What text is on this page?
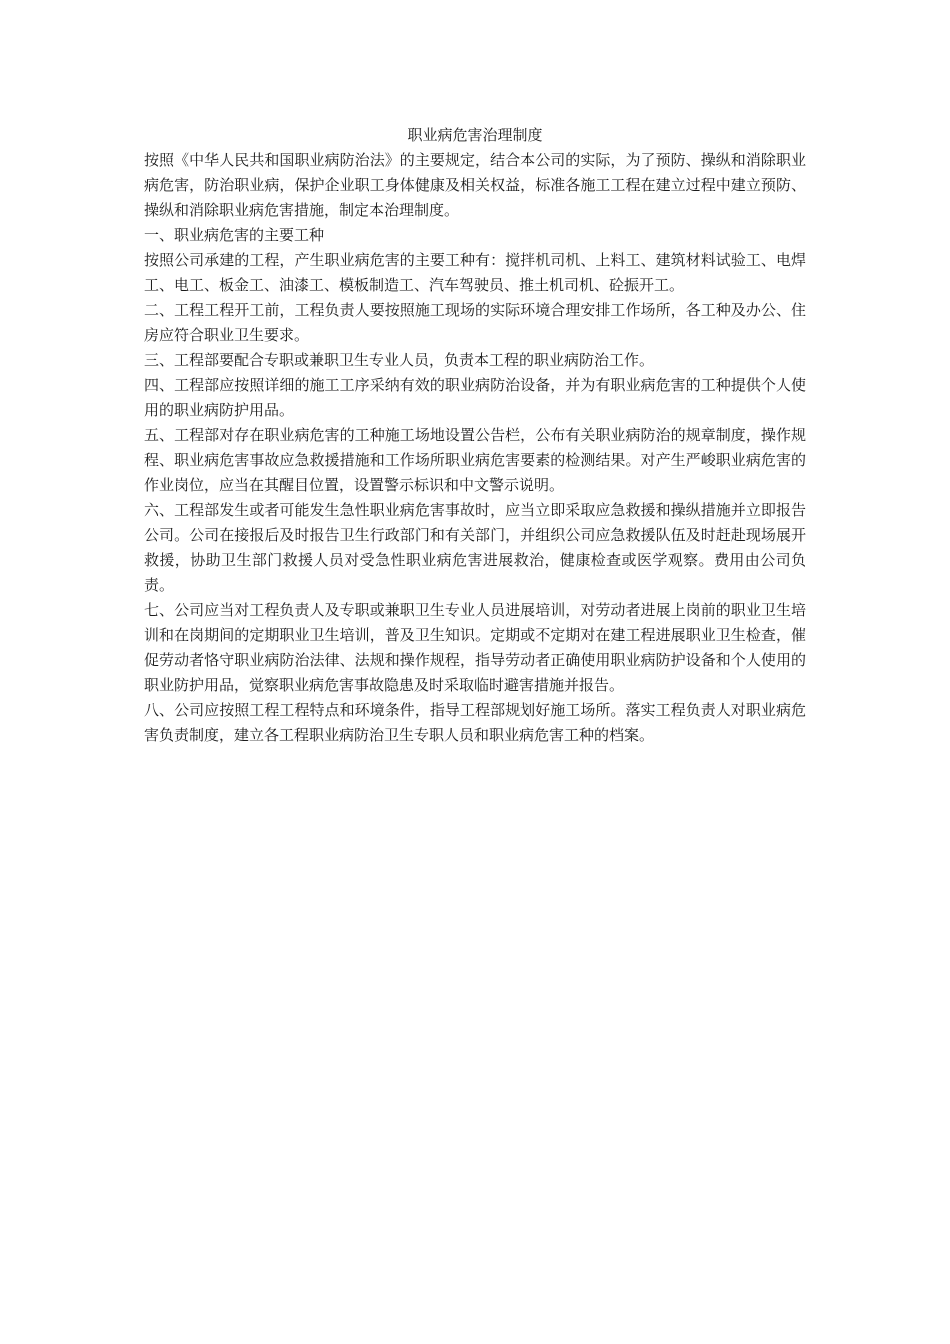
职业病危害治理制度

按照《中华人民共和国职业病防治法》的主要规定，结合本公司的实际，为了预防、操纵和消除职业病危害，防治职业病，保护企业职工身体健康及相关权益，标准各施工工程在建立过程中建立预防、操纵和消除职业病危害措施，制定本治理制度。

一、职业病危害的主要工种

按照公司承建的工程，产生职业病危害的主要工种有：搅拌机司机、上料工、建筑材料试验工、电焊工、电工、板金工、油漆工、模板制造工、汽车驾驶员、推土机司机、砼振开工。

二、工程工程开工前，工程负责人要按照施工现场的实际环境合理安排工作场所，各工种及办公、住房应符合职业卫生要求。

三、工程部要配合专职或兼职卫生专业人员，负责本工程的职业病防治工作。

四、工程部应按照详细的施工工序采纳有效的职业病防治设备，并为有职业病危害的工种提供个人使用的职业病防护用品。

五、工程部对存在职业病危害的工种施工场地设置公告栏，公布有关职业病防治的规章制度，操作规程、职业病危害事故应急救援措施和工作场所职业病危害要素的检测结果。对产生严峻职业病危害的作业岗位，应当在其醒目位置，设置警示标识和中文警示说明。

六、工程部发生或者可能发生急性职业病危害事故时，应当立即采取应急救援和操纵措施并立即报告公司。公司在接报后及时报告卫生行政部门和有关部门，并组织公司应急救援队伍及时赶赴现场展开救援，协助卫生部门救援人员对受急性职业病危害进展救治，健康检查或医学观察。费用由公司负责。

七、公司应当对工程负责人及专职或兼职卫生专业人员进展培训，对劳动者进展上岗前的职业卫生培训和在岗期间的定期职业卫生培训，普及卫生知识。定期或不定期对在建工程进展职业卫生检查，催促劳动者恪守职业病防治法律、法规和操作规程，指导劳动者正确使用职业病防护设备和个人使用的职业防护用品，觉察职业病危害事故隐患及时采取临时避害措施并报告。

八、公司应按照工程工程特点和环境条件，指导工程部规划好施工场所。落实工程负责人对职业病危害负责制度，建立各工程职业病防治卫生专职人员和职业病危害工种的档案。
